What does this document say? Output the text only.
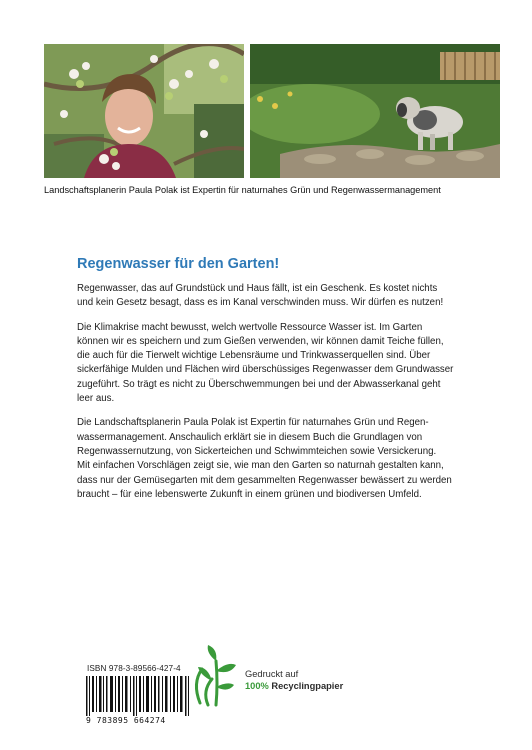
Landschaftsplanerin Paula Polak ist Expertin für naturnahes Grün und Regenwassermanagement
Regenwasser für den Garten!

Regenwasser, das auf Grundstück und Haus fällt, ist ein Geschenk. Es kostet nichts
und kein Gesetz besagt, dass es im Kanal verschwinden muss. Wir dürfen es nutzen!

Die Klimakrise macht bewusst, welch wertvolle Ressource Wasser ist. Im Garten
können wir es speichern und zum Gießen verwenden, wir können damit Teiche füllen,
die auch für die Tierwelt wichtige Lebensräume und Trinkwasserquellen sind. Über
sickerfähige Mulden und Flächen wird überschüssiges Regenwasser dem Grundwasser
zugeführt. So trägt es nicht zu Überschwemmungen bei und der Abwasserkanal geht
leer aus.

Die Landschaftsplanerin Paula Polak ist Expertin für naturnahes Grün und Regen-
wassermanagement. Anschaulich erklärt sie in diesem Buch die Grundlagen von
Regenwassernutzung, von Sickerteichen und Schwimmteichen sowie Versickerung.
Mit einfachen Vorschlägen zeigt sie, wie man den Garten so naturnah gestalten kann,
dass nur der Gemüsegarten mit dem gesammelten Regenwasser bewässert zu werden
braucht – für eine lebenswerte Zukunft in einem grünen und biodiversen Umfeld.

ISBN 978-3-89566-427-4
9 783895 664274
Gedruckt auf
100% Recyclingpapier
